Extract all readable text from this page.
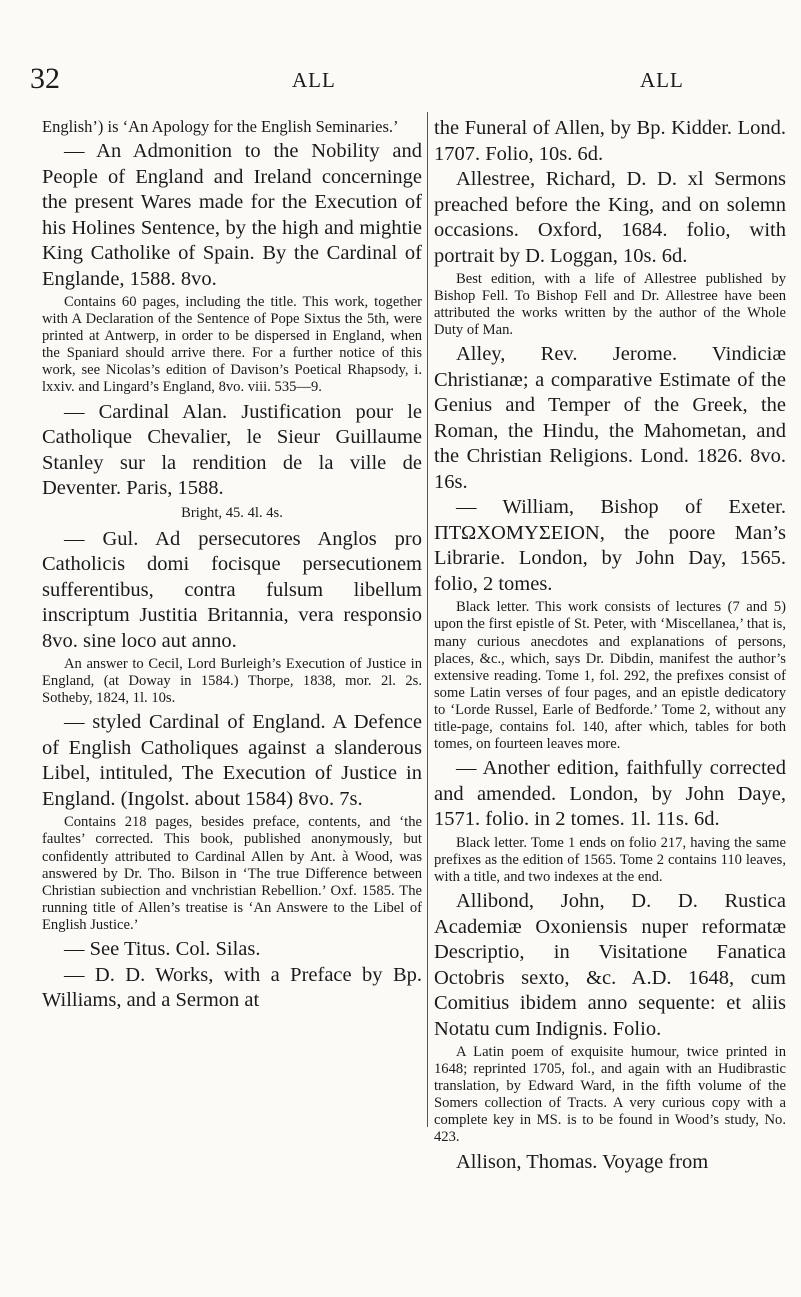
32	ALL	ALL

English’) is ‘An Apology for the English Seminaries.’

— An Admonition to the Nobility and People of England and Ireland concerninge the present Wares made for the Execution of his Holines Sentence, by the high and mightie King Catholike of Spain. By the Cardinal of Englande, 1588. 8vo.

Contains 60 pages, including the title. This work, together with A Declaration of the Sentence of Pope Sixtus the 5th, were printed at Antwerp, in order to be dispersed in England, when the Spaniard should arrive there. For a further notice of this work, see Nicolas’s edition of Davison’s Poetical Rhapsody, i. lxxiv. and Lingard’s England, 8vo. viii. 535—9.

— Cardinal Alan. Justification pour le Catholique Chevalier, le Sieur Guillaume Stanley sur la rendition de la ville de Deventer. Paris, 1588.

Bright, 45. 4l. 4s.

— Gul. Ad persecutores Anglos pro Catholicis domi focisque persecutionem sufferentibus, contra fulsum libellum inscriptum Justitia Britannia, vera responsio 8vo. sine loco aut anno.

An answer to Cecil, Lord Burleigh’s Execution of Justice in England, (at Doway in 1584.) Thorpe, 1838, mor. 2l. 2s. Sotheby, 1824, 1l. 10s.

— styled Cardinal of England. A Defence of English Catholiques against a slanderous Libel, intituled, The Execution of Justice in England. (Ingolst. about 1584) 8vo. 7s.

Contains 218 pages, besides preface, contents, and ‘the faultes’ corrected. This book, published anonymously, but confidently attributed to Cardinal Allen by Ant. à Wood, was answered by Dr. Tho. Bilson in ‘The true Difference between Christian subiection and vnchristian Rebellion.’ Oxf. 1585. The running title of Allen’s treatise is ‘An Answere to the Libel of English Justice.’

— See Titus. Col. Silas.

— D. D. Works, with a Preface by Bp. Williams, and a Sermon at

the Funeral of Allen, by Bp. Kidder. Lond. 1707. Folio, 10s. 6d.

Allestree, Richard, D. D. xl Sermons preached before the King, and on solemn occasions. Oxford, 1684. folio, with portrait by D. Loggan, 10s. 6d.

Best edition, with a life of Allestree published by Bishop Fell. To Bishop Fell and Dr. Allestree have been attributed the works written by the author of the Whole Duty of Man.

Alley, Rev. Jerome. Vindiciæ Christianæ; a comparative Estimate of the Genius and Temper of the Greek, the Roman, the Hindu, the Mahometan, and the Christian Religions. Lond. 1826. 8vo. 16s.

— William, Bishop of Exeter. ΠΤΩΧΟΜΥΣΕΙΟΝ, the poore Man’s Librarie. London, by John Day, 1565. folio, 2 tomes.

Black letter. This work consists of lectures (7 and 5) upon the first epistle of St. Peter, with ‘Miscellanea,’ that is, many curious anecdotes and explanations of persons, places, &c., which, says Dr. Dibdin, manifest the author’s extensive reading. Tome 1, fol. 292, the prefixes consist of some Latin verses of four pages, and an epistle dedicatory to ‘Lorde Russel, Earle of Bedforde.’ Tome 2, without any title-page, contains fol. 140, after which, tables for both tomes, on fourteen leaves more.

— Another edition, faithfully corrected and amended. London, by John Daye, 1571. folio. in 2 tomes. 1l. 11s. 6d.

Black letter. Tome 1 ends on folio 217, having the same prefixes as the edition of 1565. Tome 2 contains 110 leaves, with a title, and two indexes at the end.

Allibond, John, D. D. Rustica Academiæ Oxoniensis nuper reformatæ Descriptio, in Visitatione Fanatica Octobris sexto, &c. A.D. 1648, cum Comitius ibidem anno sequente: et aliis Notatu cum Indignis. Folio.

A Latin poem of exquisite humour, twice printed in 1648; reprinted 1705, fol., and again with an Hudibrastic translation, by Edward Ward, in the fifth volume of the Somers collection of Tracts. A very curious copy with a complete key in MS. is to be found in Wood’s study, No. 423.

Allison, Thomas. Voyage from
